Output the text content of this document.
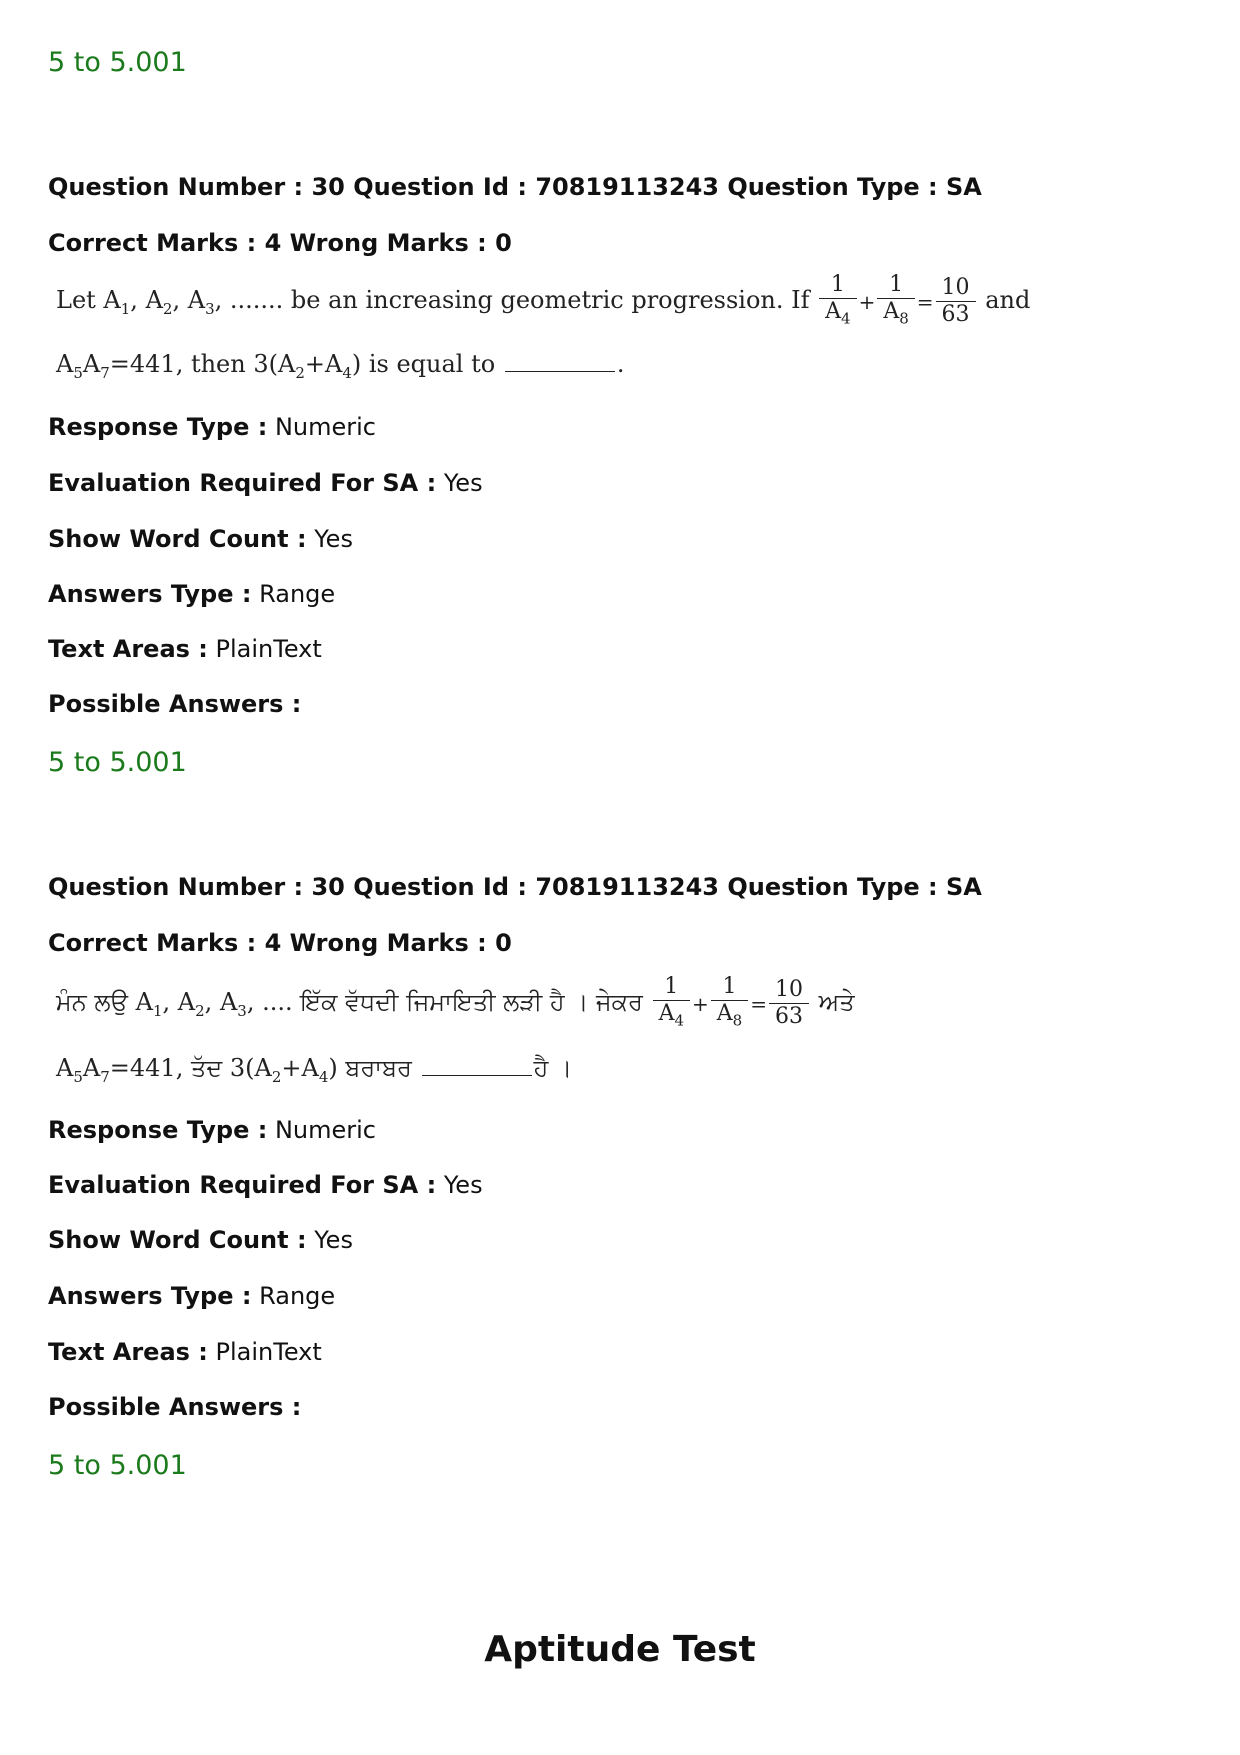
5 to 5.001
Question Number : 30 Question Id : 70819113243 Question Type : SA
Correct Marks : 4 Wrong Marks : 0
Let $A_1$, $A_2$, $A_3$, ....... be an increasing geometric progression. If $\frac{1}{A_4} + \frac{1}{A_8} = \frac{10}{63}$ and
$A_5A_7=441$, then $3(A_2+A_4)$ is equal to	.
Response Type : Numeric
Evaluation Required For SA : Yes
Show Word Count : Yes
Answers Type : Range
Text Areas : PlainText
Possible Answers :
5 to 5.001
Question Number : 30 Question Id : 70819113243 Question Type : SA
Correct Marks : 4 Wrong Marks : 0
ਮੰਨ ਲਉ $A_1$, $A_2$, $A_3$, .... ਇੱਕ ਵੱਧਦੀ ਜਿਮਾਇਤੀ ਲੜੀ ਹੈ । ਜੇਕਰ $\frac{1}{A_4} + \frac{1}{A_8} = \frac{10}{63}$ ਅਤੇ
$A_5A_7=441$, ਤੱਦ $3(A_2+A_4)$ ਬਰਾਬਰ	ਹੈ ।
Response Type : Numeric
Evaluation Required For SA : Yes
Show Word Count : Yes
Answers Type : Range
Text Areas : PlainText
Possible Answers :
5 to 5.001
Aptitude Test
